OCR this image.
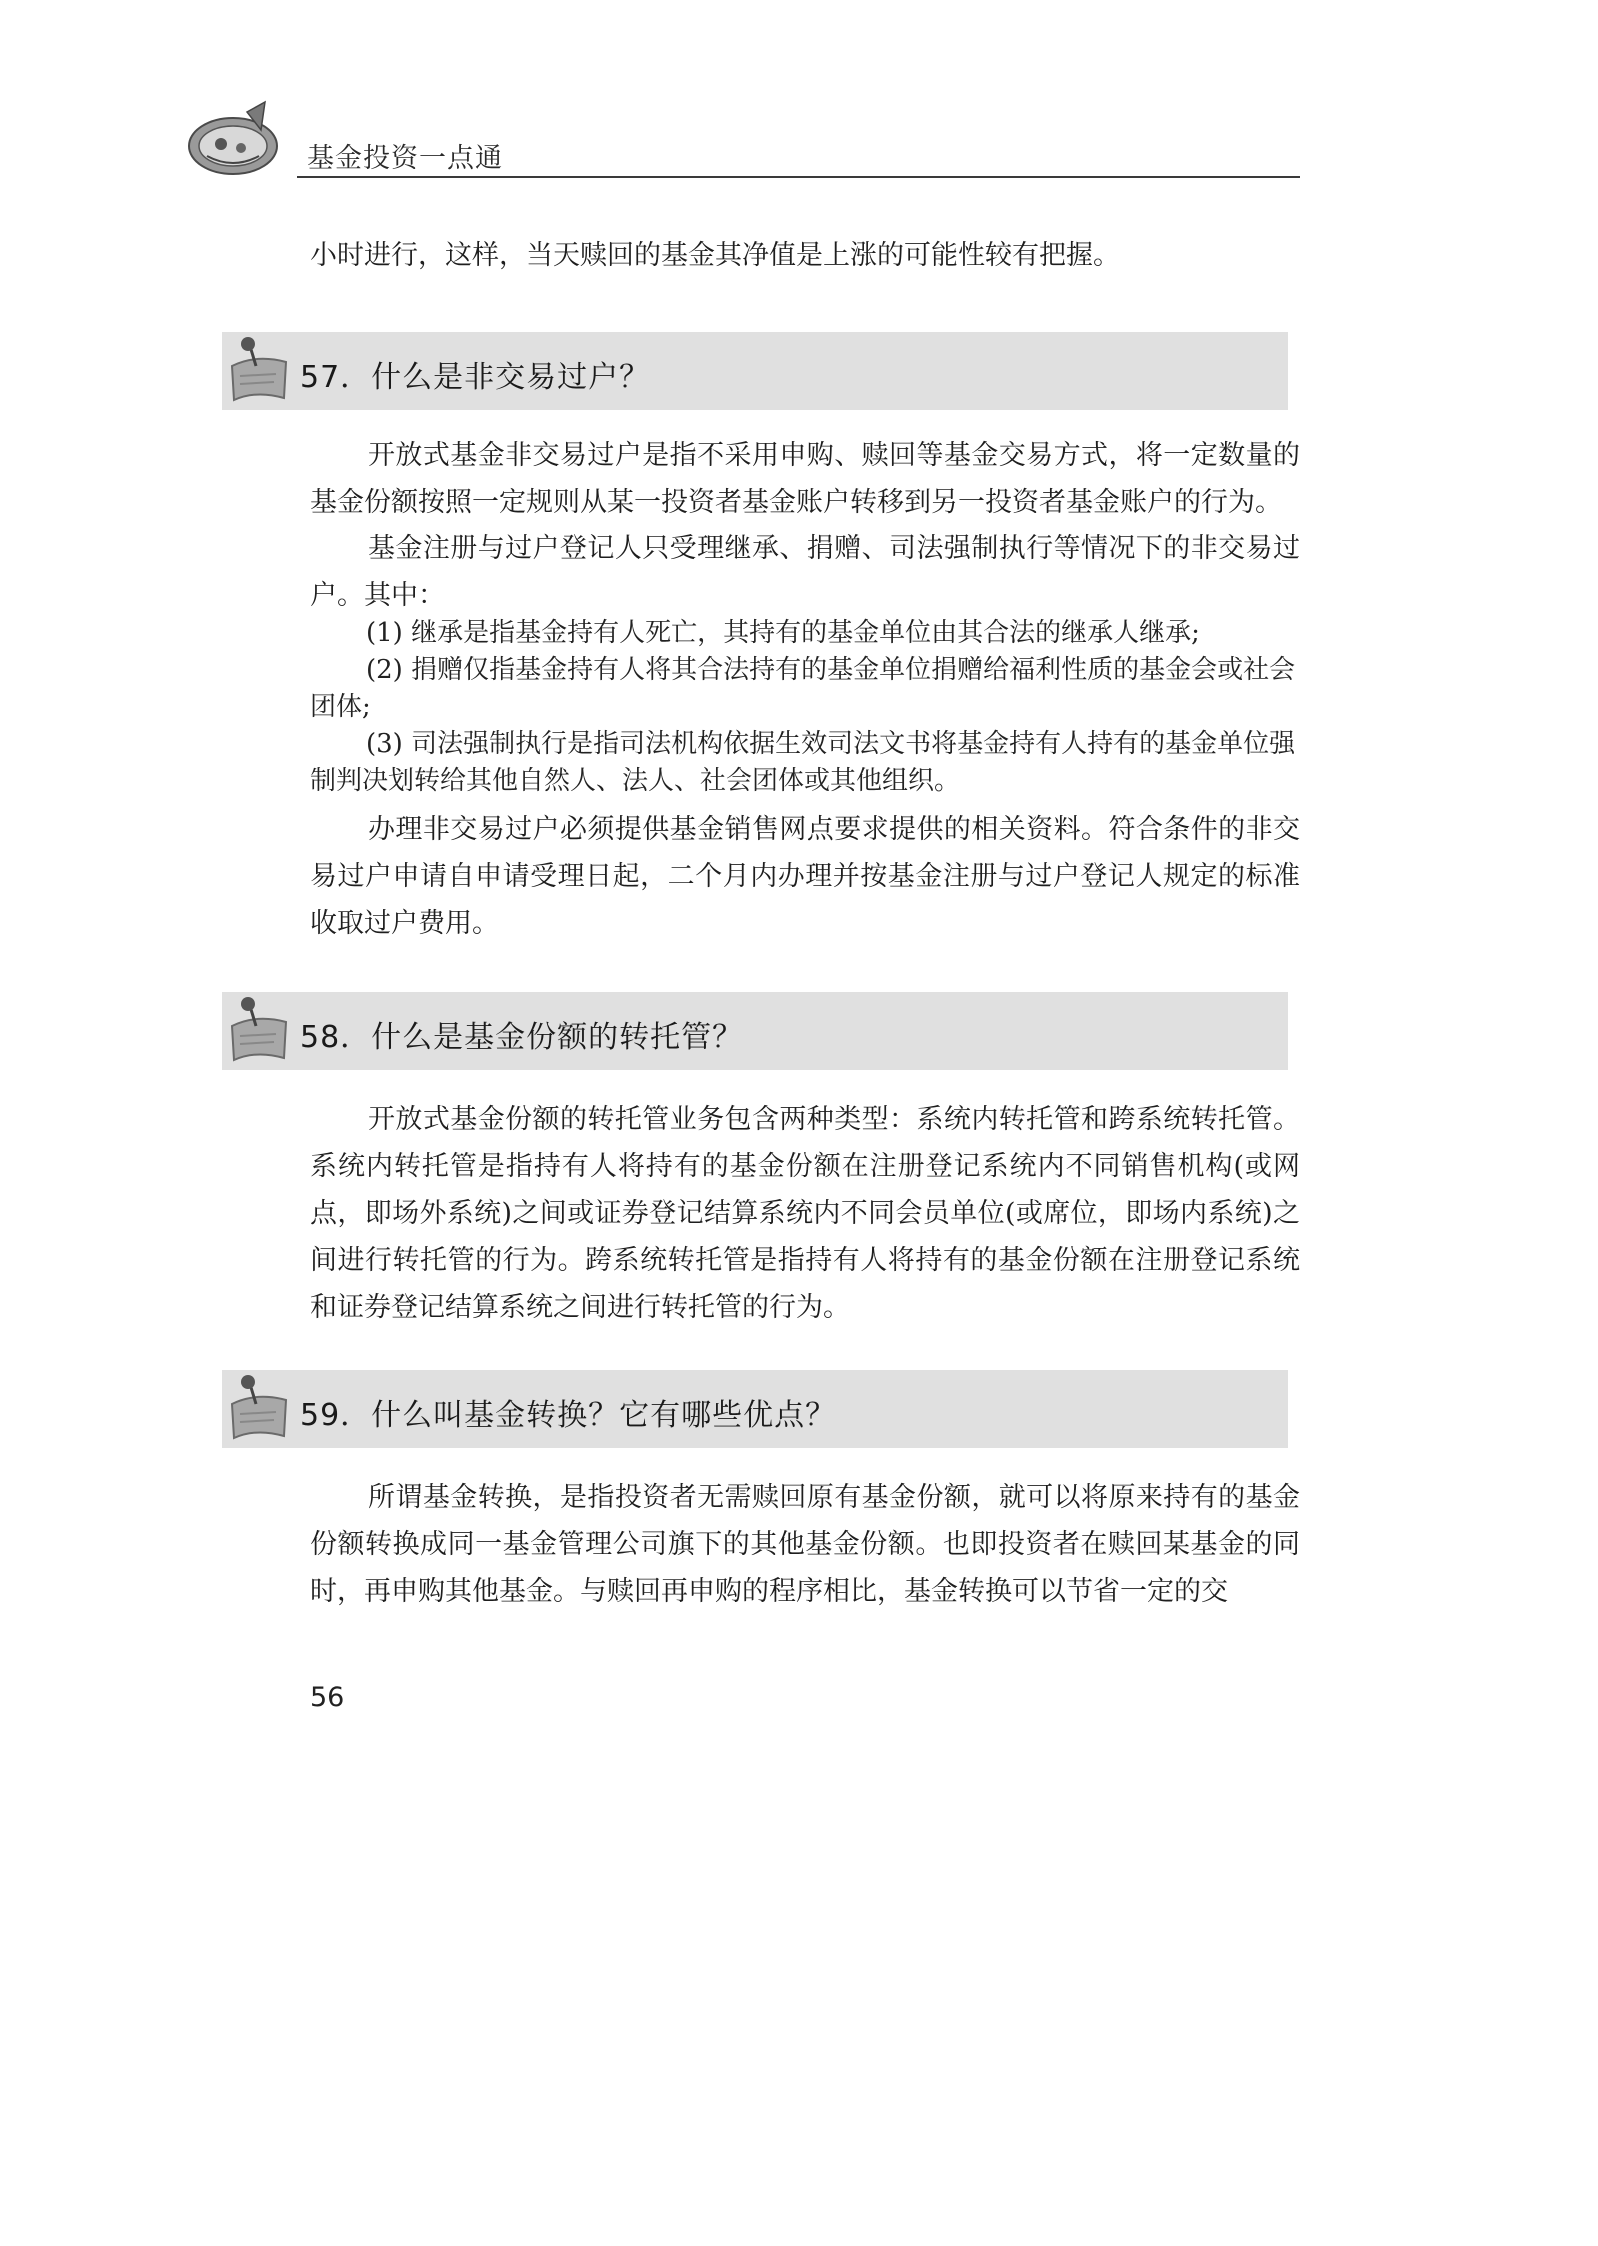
基金投资一点通

小时进行，这样，当天赎回的基金其净值是上涨的可能性较有把握。

57．什么是非交易过户？

开放式基金非交易过户是指不采用申购、赎回等基金交易方式，将一定数量的基金份额按照一定规则从某一投资者基金账户转移到另一投资者基金账户的行为。

基金注册与过户登记人只受理继承、捐赠、司法强制执行等情况下的非交易过户。其中：

(1) 继承是指基金持有人死亡，其持有的基金单位由其合法的继承人继承;

(2) 捐赠仅指基金持有人将其合法持有的基金单位捐赠给福利性质的基金会或社会团体;

(3) 司法强制执行是指司法机构依据生效司法文书将基金持有人持有的基金单位强制判决划转给其他自然人、法人、社会团体或其他组织。

办理非交易过户必须提供基金销售网点要求提供的相关资料。符合条件的非交易过户申请自申请受理日起，二个月内办理并按基金注册与过户登记人规定的标准收取过户费用。

58．什么是基金份额的转托管？

开放式基金份额的转托管业务包含两种类型：系统内转托管和跨系统转托管。系统内转托管是指持有人将持有的基金份额在注册登记系统内不同销售机构(或网点，即场外系统)之间或证券登记结算系统内不同会员单位(或席位，即场内系统)之间进行转托管的行为。跨系统转托管是指持有人将持有的基金份额在注册登记系统和证券登记结算系统之间进行转托管的行为。

59．什么叫基金转换？它有哪些优点？

所谓基金转换，是指投资者无需赎回原有基金份额，就可以将原来持有的基金份额转换成同一基金管理公司旗下的其他基金份额。也即投资者在赎回某基金的同时，再申购其他基金。与赎回再申购的程序相比，基金转换可以节省一定的交

56
